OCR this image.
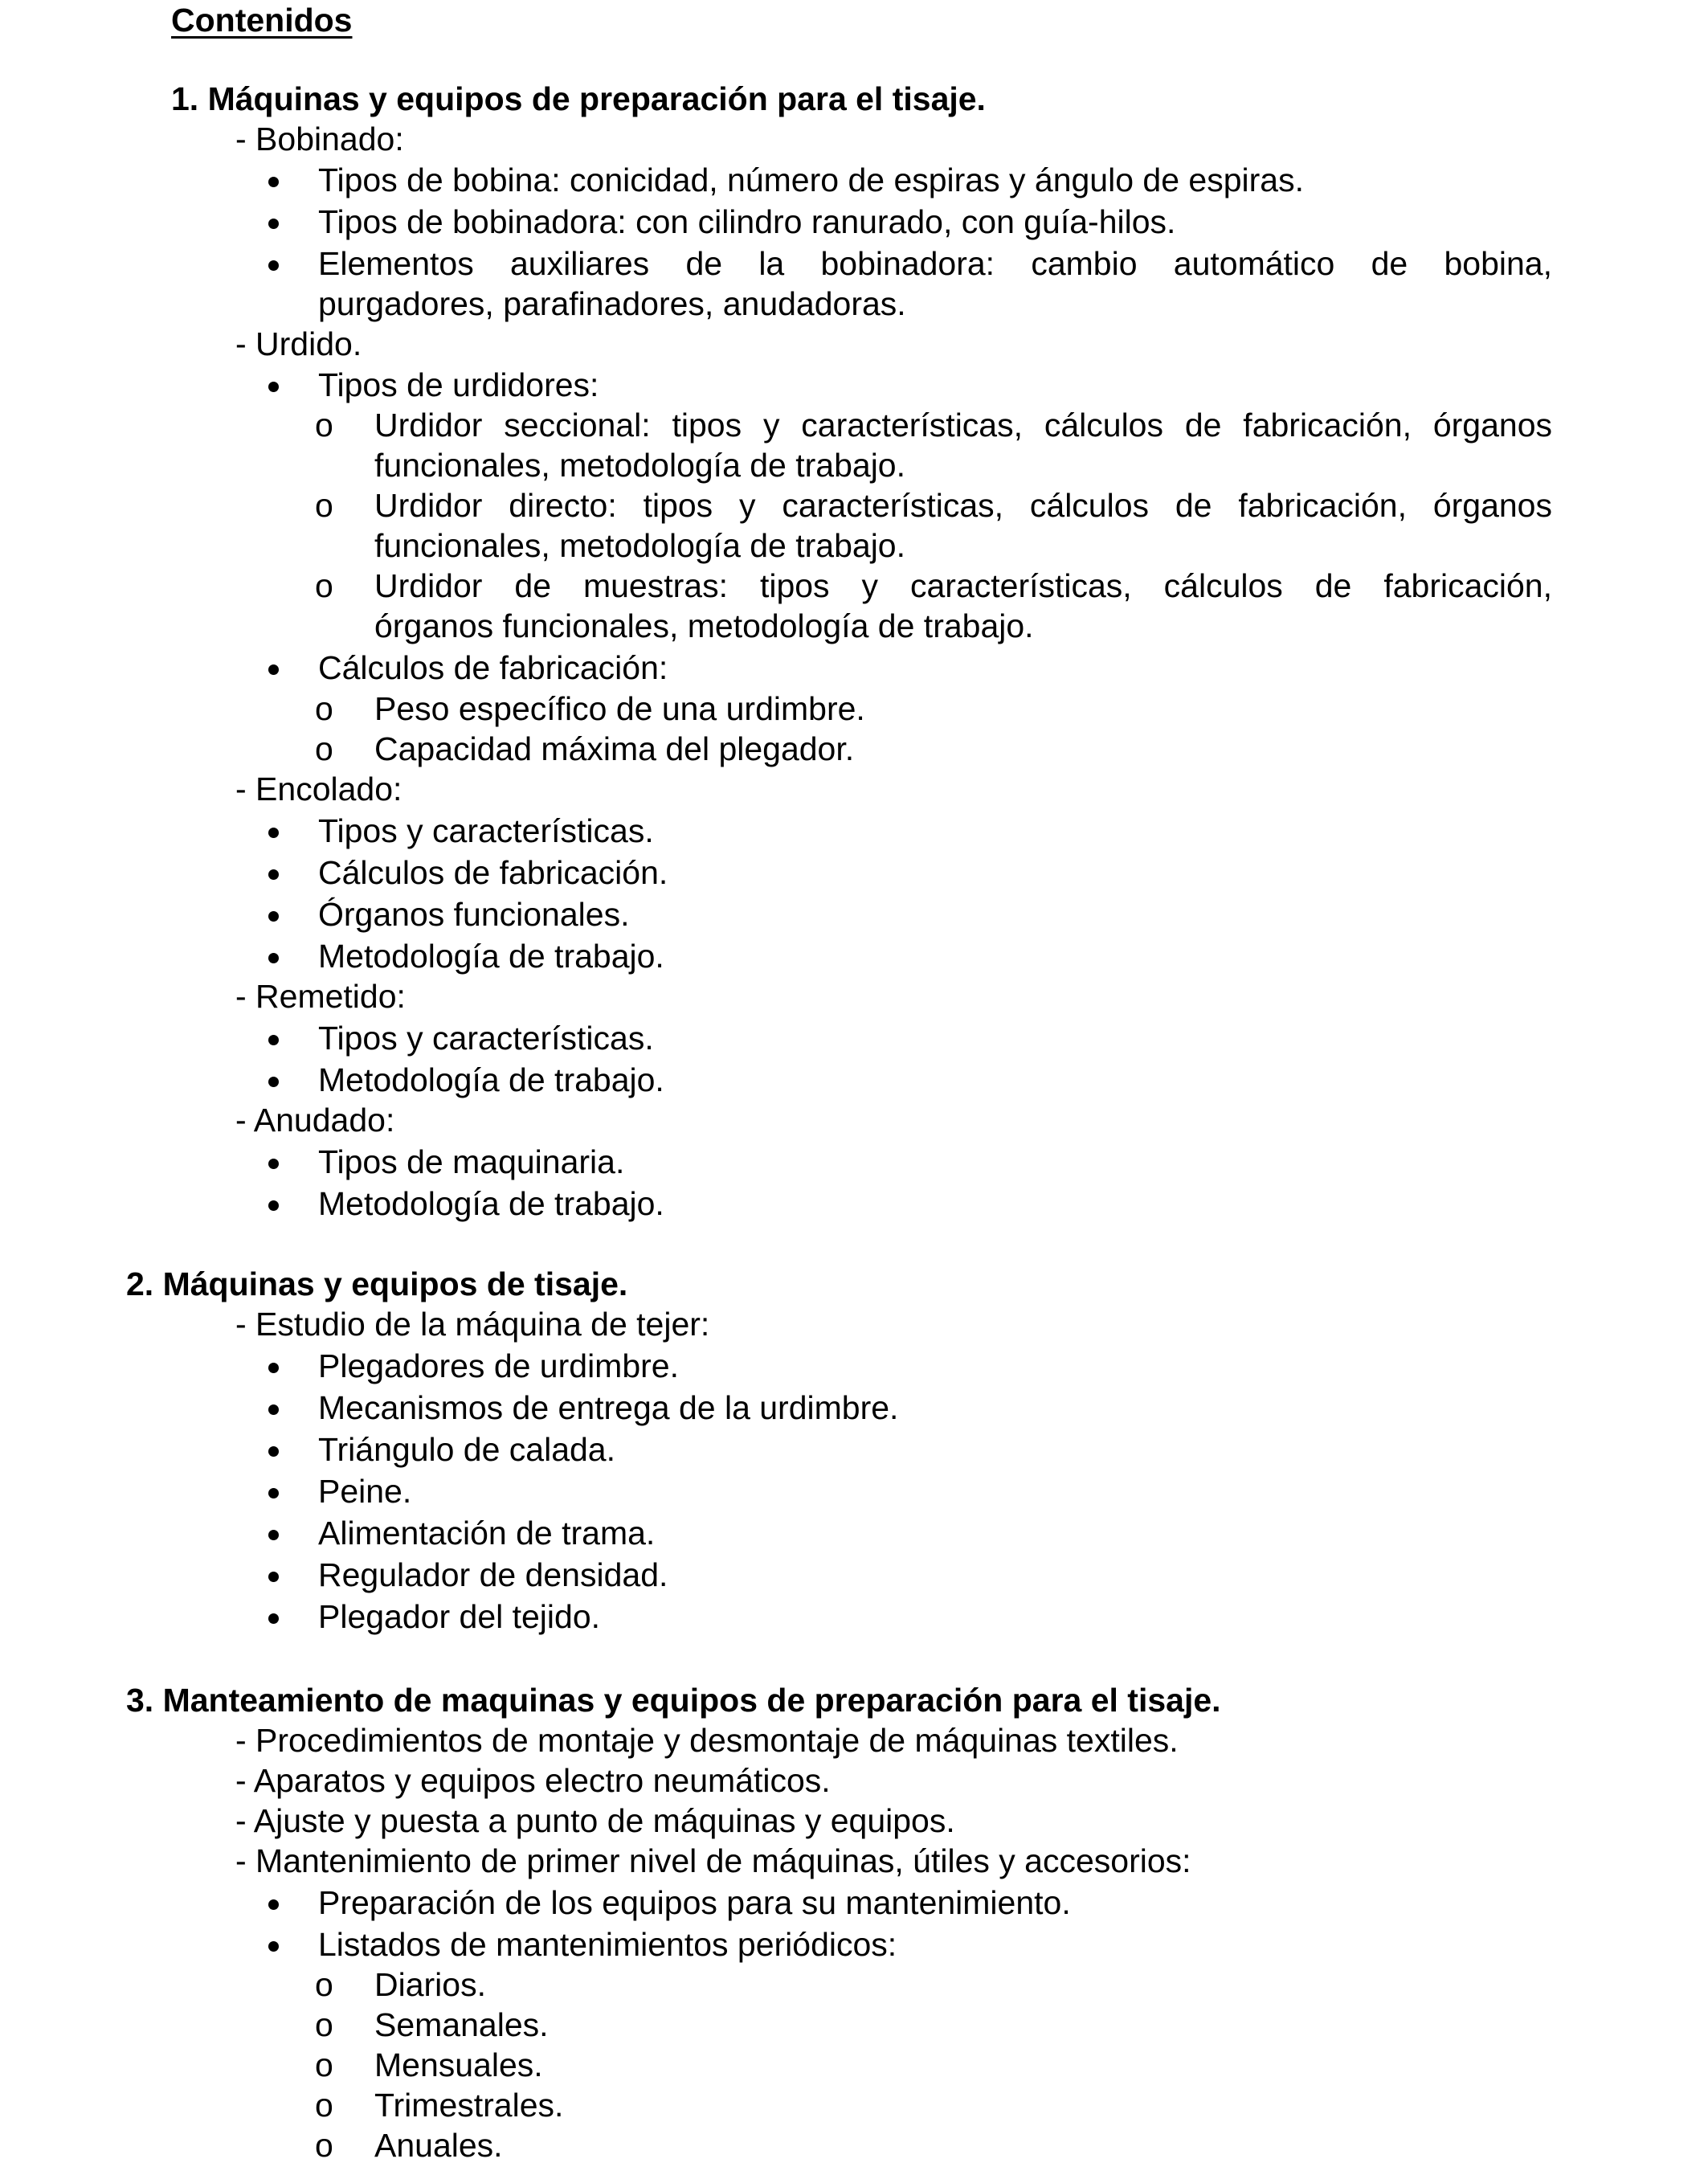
Contenidos
1. Máquinas y equipos de preparación para el tisaje.
- Bobinado:
Tipos de bobina: conicidad, número de espiras y ángulo de espiras.
Tipos de bobinadora: con cilindro ranurado, con guía-hilos.
Elementos auxiliares de la bobinadora: cambio automático de bobina,
purgadores, parafinadores, anudadoras.
- Urdido.
Tipos de urdidores:
o Urdidor seccional: tipos y características, cálculos de fabricación, órganos
funcionales, metodología de trabajo.
o Urdidor directo: tipos y características, cálculos de fabricación, órganos
funcionales, metodología de trabajo.
o Urdidor de muestras: tipos y características, cálculos de fabricación,
órganos funcionales, metodología de trabajo.
Cálculos de fabricación:
o Peso específico de una urdimbre.
o Capacidad máxima del plegador.
- Encolado:
Tipos y características.
Cálculos de fabricación.
Órganos funcionales.
Metodología de trabajo.
- Remetido:
Tipos y características.
Metodología de trabajo.
- Anudado:
Tipos de maquinaria.
Metodología de trabajo.
2. Máquinas y equipos de tisaje.
- Estudio de la máquina de tejer:
Plegadores de urdimbre.
Mecanismos de entrega de la urdimbre.
Triángulo de calada.
Peine.
Alimentación de trama.
Regulador de densidad.
Plegador del tejido.
3. Manteamiento de maquinas y equipos de preparación para el tisaje.
- Procedimientos de montaje y desmontaje de máquinas textiles.
- Aparatos y equipos electro neumáticos.
- Ajuste y puesta a punto de máquinas y equipos.
- Mantenimiento de primer nivel de máquinas, útiles y accesorios:
Preparación de los equipos para su mantenimiento.
Listados de mantenimientos periódicos:
o Diarios.
o Semanales.
o Mensuales.
o Trimestrales.
o Anuales.
